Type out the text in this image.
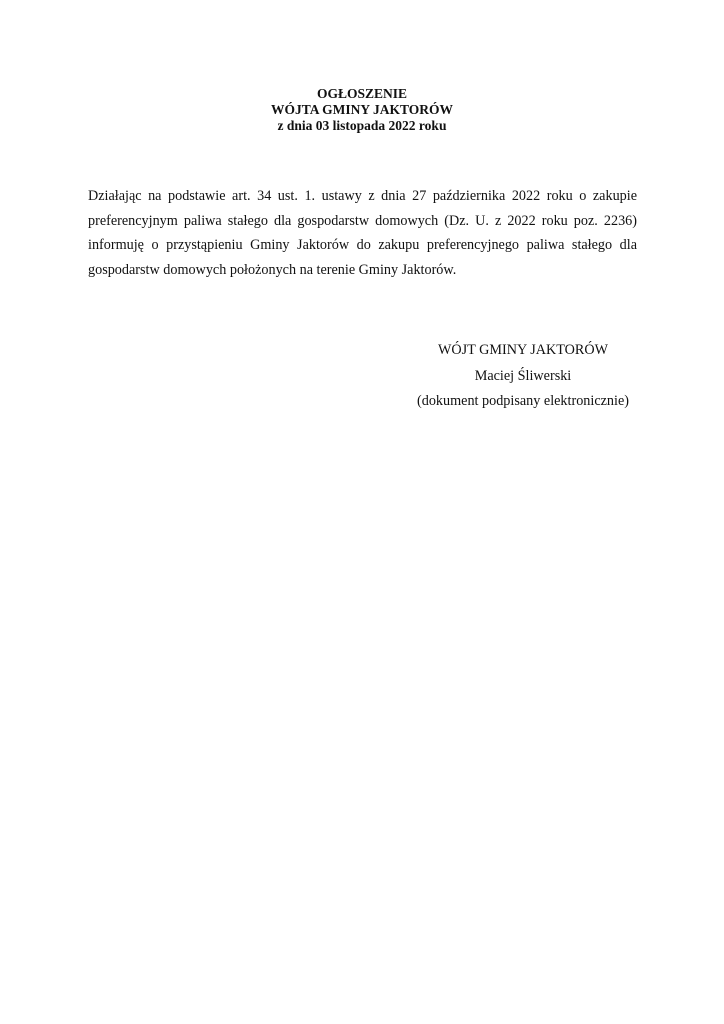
OGŁOSZENIE
WÓJTA GMINY JAKTORÓW
z dnia 03 listopada 2022 roku

Działając na podstawie art. 34 ust. 1. ustawy z dnia 27 października 2022 roku o zakupie preferencyjnym paliwa stałego dla gospodarstw domowych (Dz. U. z 2022 roku poz. 2236) informuję o przystąpieniu Gminy Jaktorów do zakupu preferencyjnego paliwa stałego dla gospodarstw domowych położonych na terenie Gminy Jaktorów.

WÓJT GMINY JAKTORÓW
Maciej Śliwerski
(dokument podpisany elektronicznie)
